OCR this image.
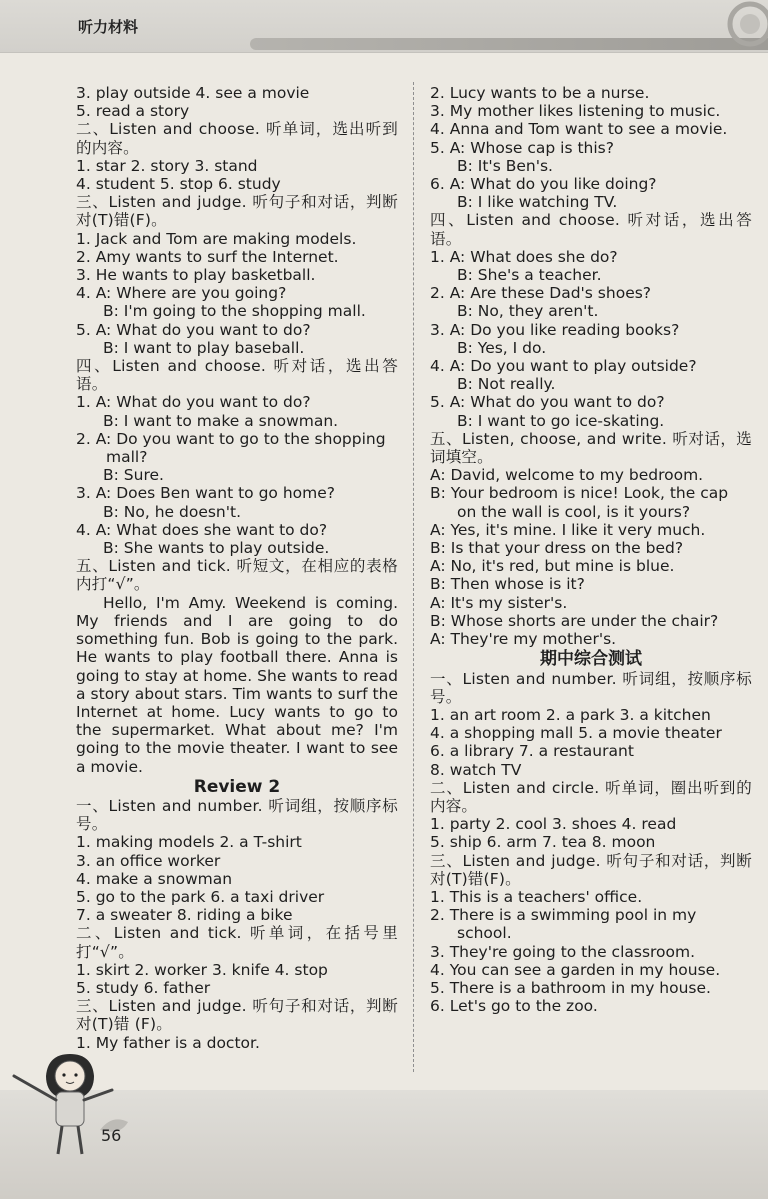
听力材料
3. play outside 4. see a movie
5. read a story
二、Listen and choose. 听单词，选出听到的内容。
1. star 2. story 3. stand
4. student 5. stop 6. study
三、Listen and judge. 听句子和对话，判断对(T)错(F)。
1. Jack and Tom are making models.
2. Amy wants to surf the Internet.
3. He wants to play basketball.
4. A: Where are you going?
B: I'm going to the shopping mall.
5. A: What do you want to do?
B: I want to play baseball.
四、Listen and choose. 听对话，选出答语。
1. A: What do you want to do?
B: I want to make a snowman.
2. A: Do you want to go to the shopping
mall?
B: Sure.
3. A: Does Ben want to go home?
B: No, he doesn't.
4. A: What does she want to do?
B: She wants to play outside.
五、Listen and tick. 听短文，在相应的表格内打“√”。
Hello, I'm Amy. Weekend is coming. My friends and I are going to do something fun. Bob is going to the park. He wants to play football there. Anna is going to stay at home. She wants to read a story about stars. Tim wants to surf the Internet at home. Lucy wants to go to the supermarket. What about me? I'm going to the movie theater. I want to see a movie.
Review 2
一、Listen and number. 听词组，按顺序标号。
1. making models 2. a T-shirt
3. an office worker
4. make a snowman
5. go to the park 6. a taxi driver
7. a sweater 8. riding a bike
二、Listen and tick. 听单词，在括号里打“√”。
1. skirt 2. worker 3. knife 4. stop
5. study 6. father
三、Listen and judge. 听句子和对话，判断对(T)错 (F)。
1. My father is a doctor.
2. Lucy wants to be a nurse.
3. My mother likes listening to music.
4. Anna and Tom want to see a movie.
5. A: Whose cap is this?
B: It's Ben's.
6. A: What do you like doing?
B: I like watching TV.
四、Listen and choose. 听对话，选出答语。
1. A: What does she do?
B: She's a teacher.
2. A: Are these Dad's shoes?
B: No, they aren't.
3. A: Do you like reading books?
B: Yes, I do.
4. A: Do you want to play outside?
B: Not really.
5. A: What do you want to do?
B: I want to go ice-skating.
五、Listen, choose, and write. 听对话，选词填空。
A: David, welcome to my bedroom.
B: Your bedroom is nice! Look, the cap
on the wall is cool, is it yours?
A: Yes, it's mine. I like it very much.
B: Is that your dress on the bed?
A: No, it's red, but mine is blue.
B: Then whose is it?
A: It's my sister's.
B: Whose shorts are under the chair?
A: They're my mother's.
期中综合测试
一、Listen and number. 听词组，按顺序标号。
1. an art room 2. a park 3. a kitchen
4. a shopping mall 5. a movie theater
6. a library 7. a restaurant
8. watch TV
二、Listen and circle. 听单词，圈出听到的内容。
1. party 2. cool 3. shoes 4. read
5. ship 6. arm 7. tea 8. moon
三、Listen and judge. 听句子和对话，判断对(T)错(F)。
1. This is a teachers' office.
2. There is a swimming pool in my
school.
3. They're going to the classroom.
4. You can see a garden in my house.
5. There is a bathroom in my house.
6. Let's go to the zoo.
56
